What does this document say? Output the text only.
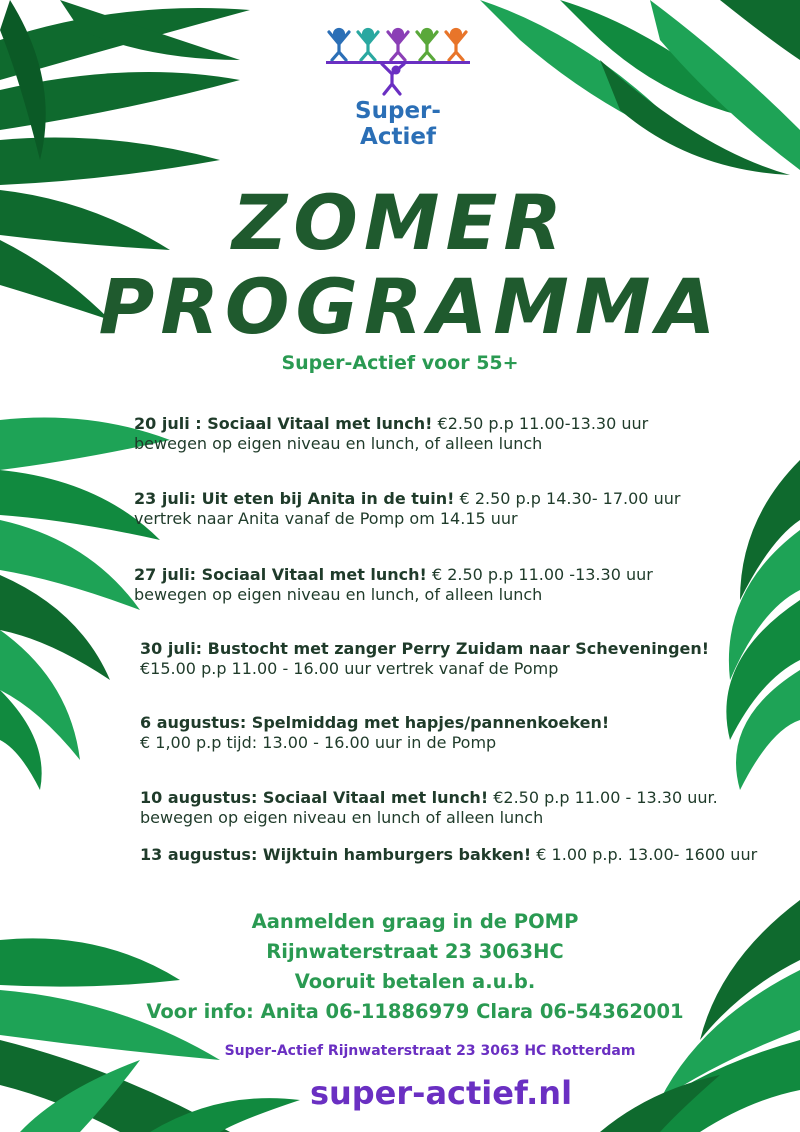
Super-Actief
ZOMER
PROGRAMMA
Super-Actief voor 55+
20 juli : Sociaal Vitaal met lunch! €2.50 p.p 11.00-13.30 uur
bewegen op eigen niveau en lunch, of alleen lunch
23 juli: Uit eten bij Anita in de tuin! € 2.50 p.p 14.30- 17.00 uur
vertrek naar Anita vanaf de Pomp om 14.15 uur
27 juli: Sociaal Vitaal met lunch! € 2.50 p.p 11.00 -13.30 uur
bewegen op eigen niveau en lunch, of alleen lunch
30 juli: Bustocht met zanger Perry Zuidam naar Scheveningen!
€15.00 p.p 11.00 - 16.00 uur vertrek vanaf de Pomp
6 augustus: Spelmiddag met hapjes/pannenkoeken!
€ 1,00 p.p tijd: 13.00 - 16.00 uur in de Pomp
10 augustus: Sociaal Vitaal met lunch! €2.50 p.p 11.00 - 13.30 uur.
bewegen op eigen niveau en lunch of alleen lunch
13 augustus: Wijktuin hamburgers bakken! € 1.00 p.p. 13.00- 1600 uur
Aanmelden graag in de POMP
Rijnwaterstraat 23 3063HC
Vooruit betalen a.u.b.
Voor info: Anita 06-11886979 Clara 06-54362001
Super-Actief Rijnwaterstraat 23 3063 HC Rotterdam
super-actief.nl
